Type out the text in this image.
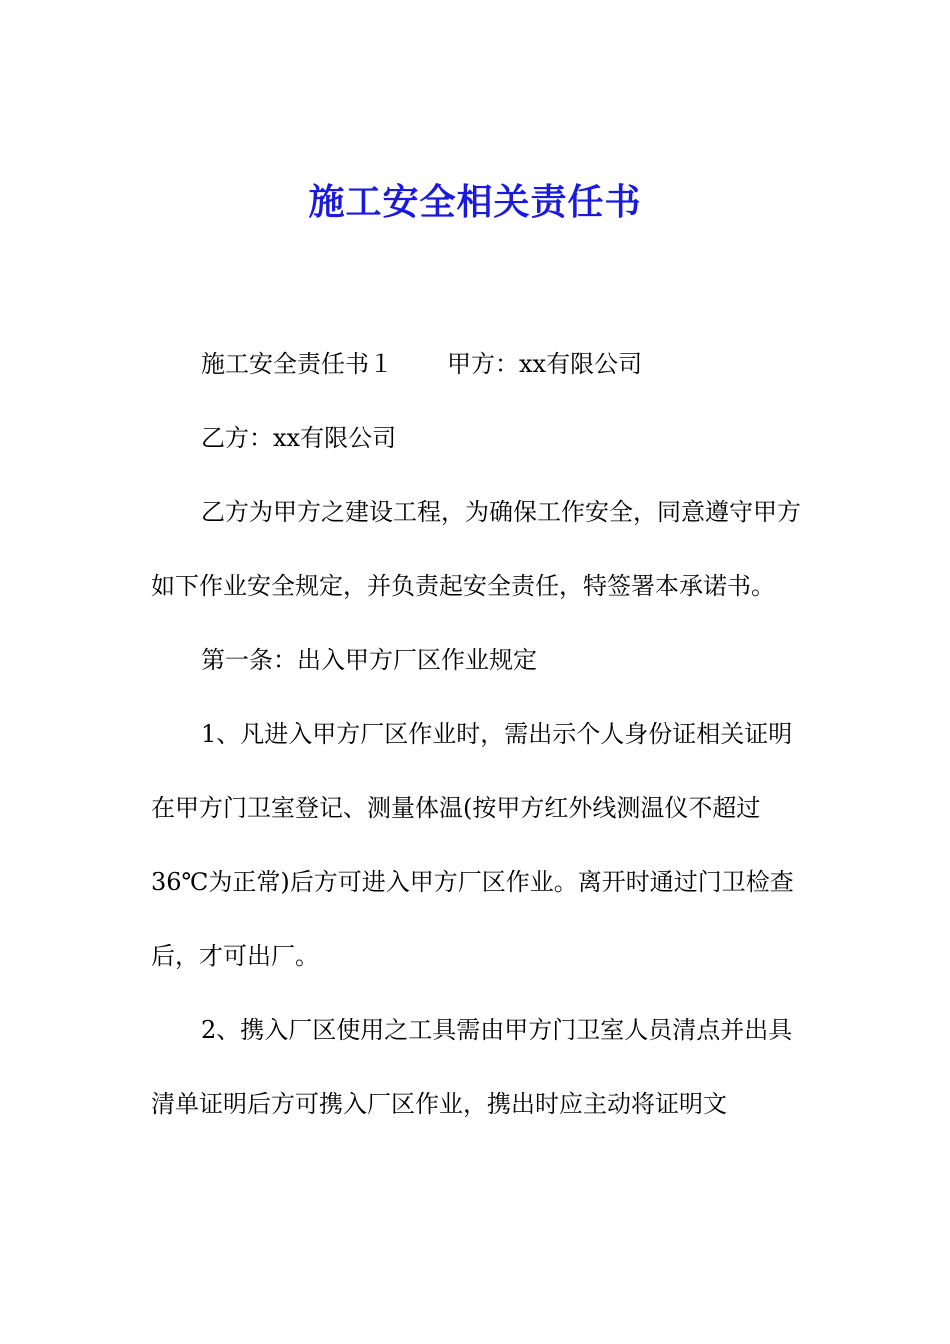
施工安全相关责任书

施工安全责任书１ 甲方：xx有限公司

乙方：xx有限公司

乙方为甲方之建设工程，为确保工作安全，同意遵守甲方如下作业安全规定，并负责起安全责任，特签署本承诺书。

第一条：出入甲方厂区作业规定

1、凡进入甲方厂区作业时，需出示个人身份证相关证明在甲方门卫室登记、测量体温(按甲方红外线测温仪不超过36℃为正常)后方可进入甲方厂区作业。离开时通过门卫检查后，才可出厂。

2、携入厂区使用之工具需由甲方门卫室人员清点并出具清单证明后方可携入厂区作业，携出时应主动将证明文
